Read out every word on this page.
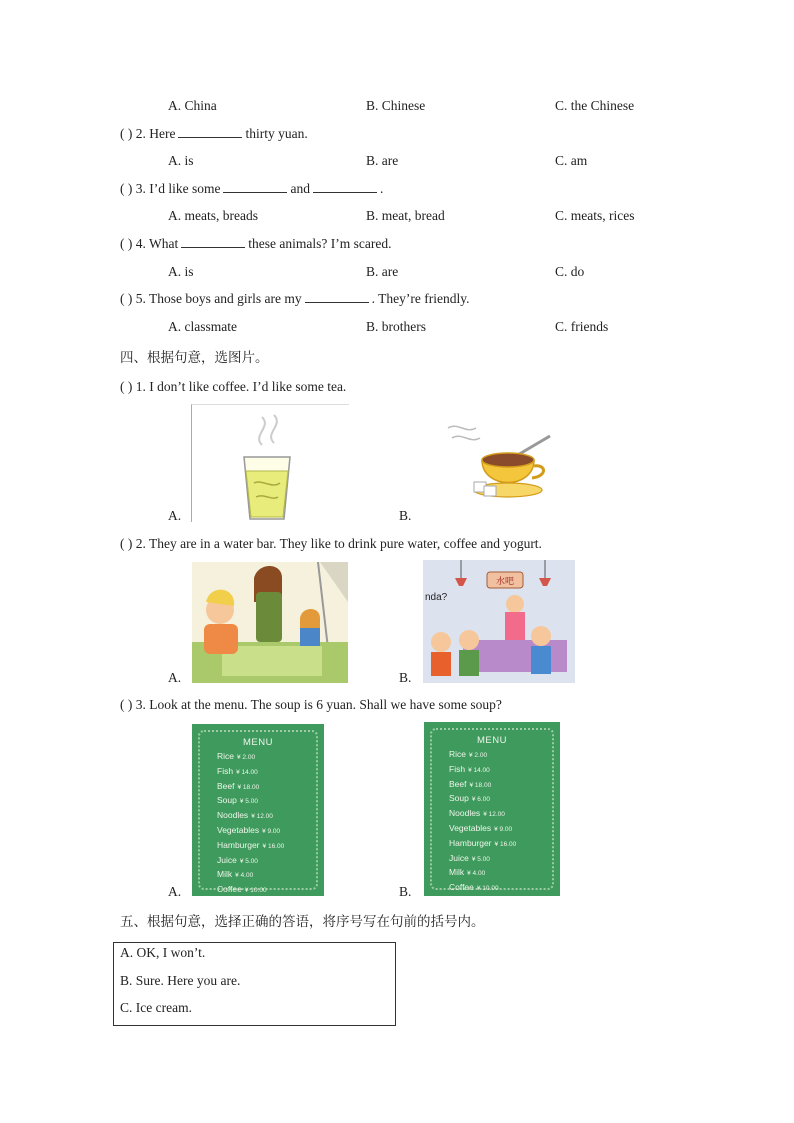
A. China	B. Chinese	C. the Chinese
( ) 2. Here	thirty yuan.
A. is	B. are	C. am
( ) 3. I’d like some	and	.
A. meats, breads	B. meat, bread	C. meats, rices
( ) 4. What	these animals? I’m scared.
A. is	B. are	C. do
( ) 5. Those boys and girls are my	. They’re friendly.
A. classmate	B. brothers	C. friends
四、根据句意，选图片。
( ) 1. I don’t like coffee. I’d like some tea.
A.	B.
( ) 2. They are in a water bar. They like to drink pure water, coffee and yogurt.
A.	B.
水吧
nda?
( ) 3. Look at the menu. The soup is 6 yuan. Shall we have some soup?
A.
MENU
Rice ¥ 2.00
Fish ¥ 14.00
Beef ¥ 18.00
Soup ¥ 5.00
Noodles ¥ 12.00
Vegetables ¥ 9.00
Hamburger ¥ 16.00
Juice ¥ 5.00
Milk ¥ 4.00
Coffee ¥ 10.00	B.
MENU
Rice ¥ 2.00
Fish ¥ 14.00
Beef ¥ 18.00
Soup ¥ 6.00
Noodles ¥ 12.00
Vegetables ¥ 9.00
Hamburger ¥ 16.00
Juice ¥ 5.00
Milk ¥ 4.00
Coffee ¥ 10.00
五、根据句意，选择正确的答语，将序号写在句前的括号内。
A. OK, I won’t.
B. Sure. Here you are.
C. Ice cream.
